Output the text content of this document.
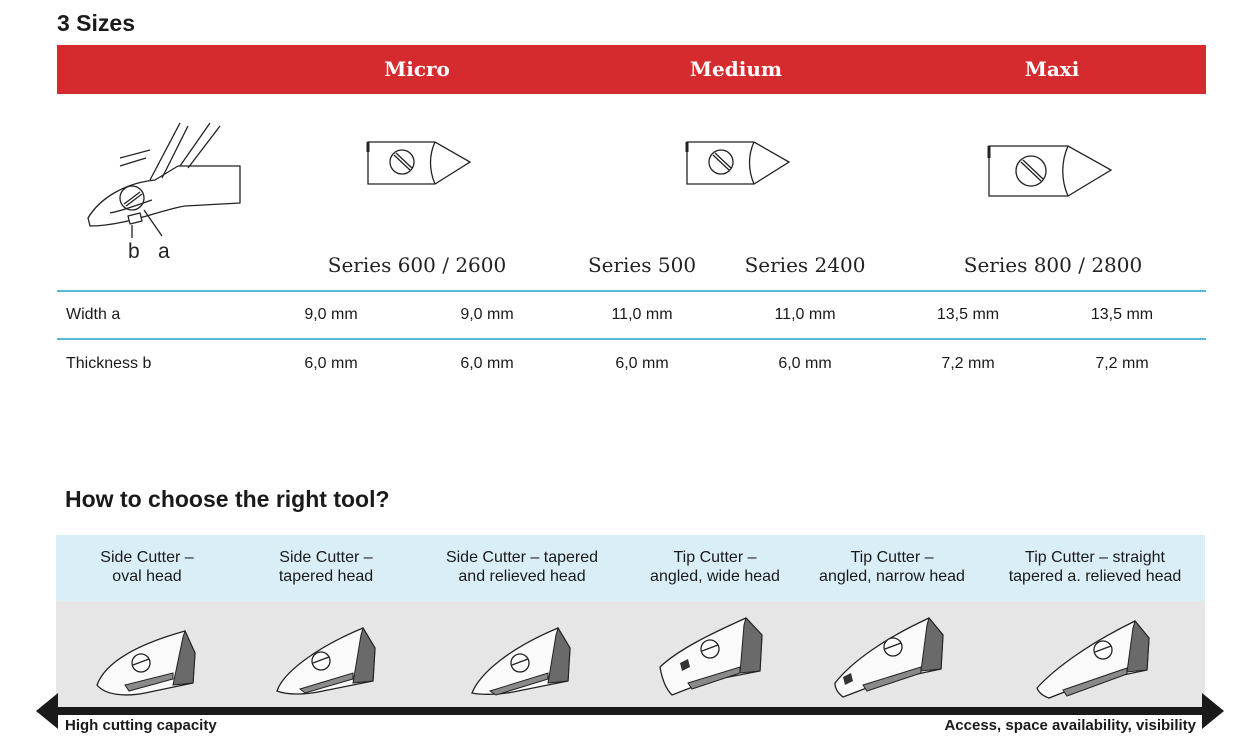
3 Sizes
Micro	Medium	Maxi
b a
Series 600 / 2600	Series 500 Series 2400	Series 800 / 2800
Width a	9,0 mm	9,0 mm	11,0 mm	11,0 mm	13,5 mm	13,5 mm
Thickness b	6,0 mm	6,0 mm	6,0 mm	6,0 mm	7,2 mm	7,2 mm
How to choose the right tool?
Side Cutter –
oval head
Side Cutter –
tapered head
Side Cutter – tapered
and relieved head
Tip Cutter –
angled, wide head
Tip Cutter –
angled, narrow head
Tip Cutter – straight
tapered a. relieved head
High cutting capacity	Access, space availability, visibility
